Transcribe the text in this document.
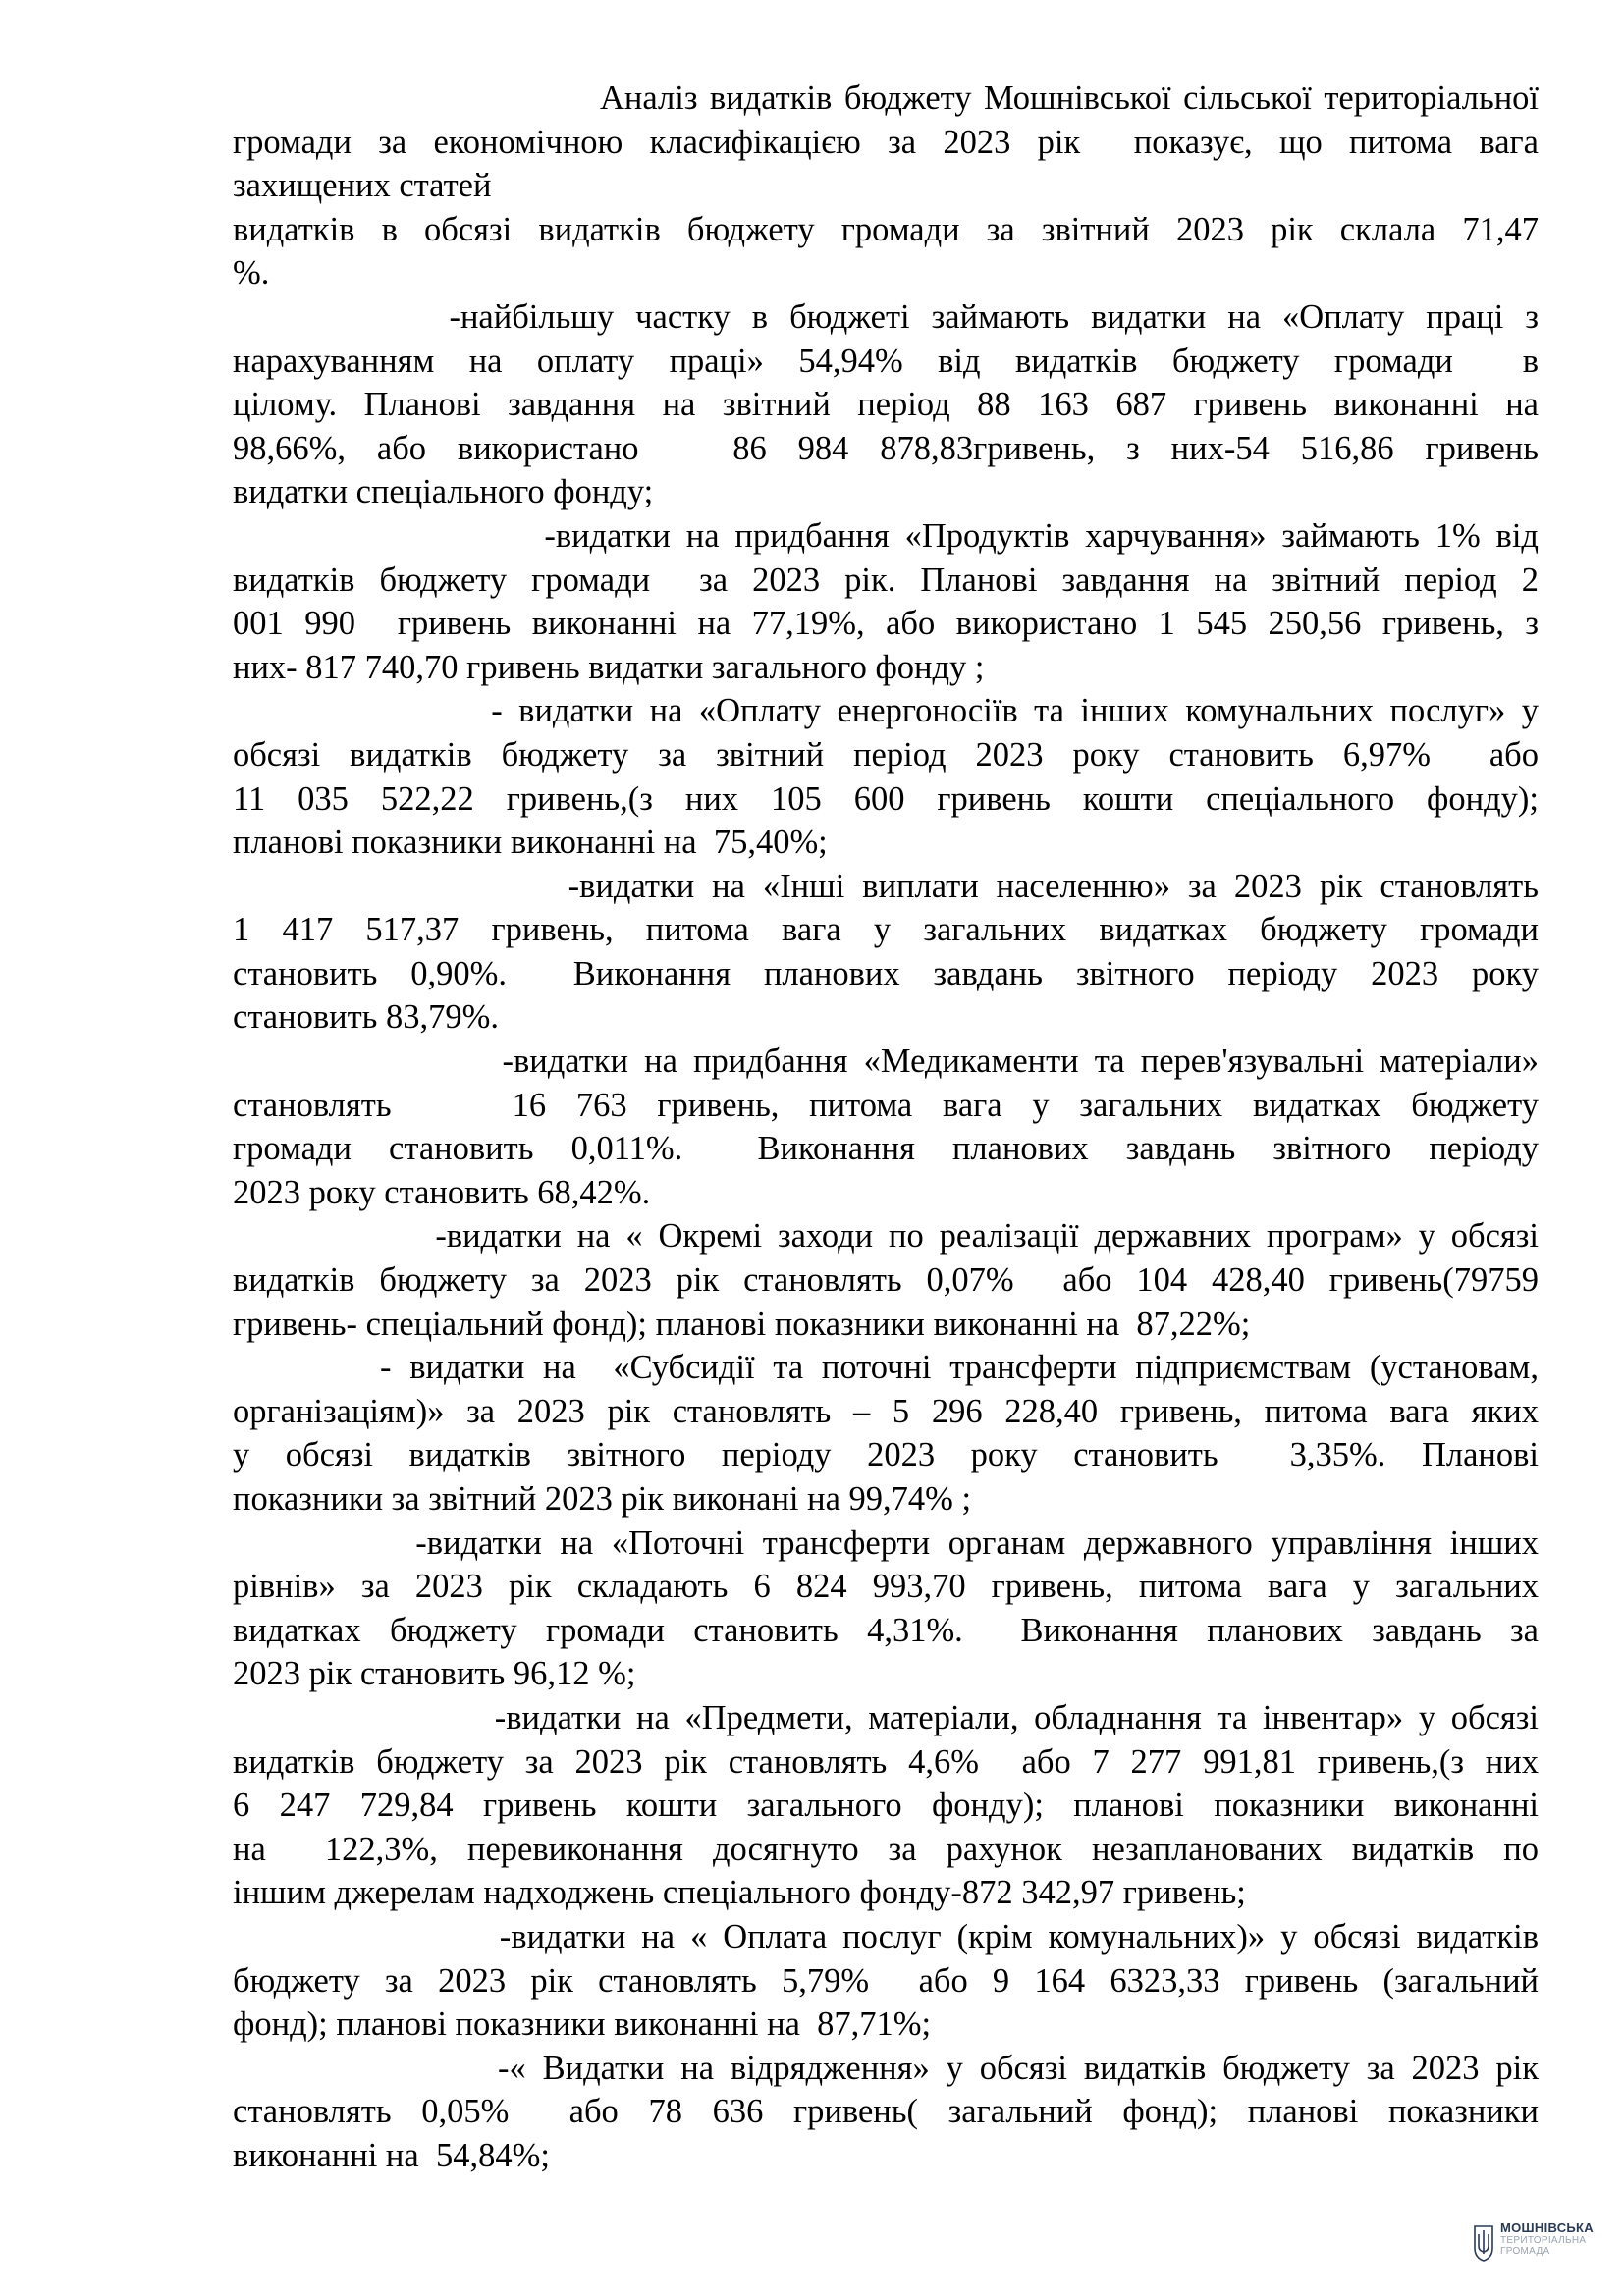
Аналіз видатків бюджету Мошнівської сільської територіальної
громади за економічною класифікацією за 2023 рік  показує, що питома вага
захищених статей

видатків в обсязі видатків бюджету громади за звітний 2023 рік склала 71,47
%.

-найбільшу частку в бюджеті займають видатки на «Оплату праці з
нарахуванням на оплату праці» 54,94% від видатків бюджету громади  в
цілому. Планові завдання на звітний період 88 163 687 гривень виконанні на
98,66%, або використано   86 984 878,83гривень, з них-54 516,86 гривень
видатки спеціального фонду;

-видатки на придбання «Продуктів харчування» займають 1% від
видатків бюджету громади  за 2023 рік. Планові завдання на звітний період 2
001 990  гривень виконанні на 77,19%, або використано 1 545 250,56 гривень, з
них- 817 740,70 гривень видатки загального фонду ;

- видатки на «Оплату енергоносіїв та інших комунальних послуг» у
обсязі видатків бюджету за звітний період 2023 року становить 6,97%  або
11 035 522,22 гривень,(з них 105 600 гривень кошти спеціального фонду);
планові показники виконанні на  75,40%;

-видатки на «Інші виплати населенню» за 2023 рік становлять
1 417 517,37 гривень, питома вага у загальних видатках бюджету громади
становить 0,90%.  Виконання планових завдань звітного періоду 2023 року
становить 83,79%.

-видатки на придбання «Медикаменти та перев'язувальні матеріали»
становлять    16 763 гривень, питома вага у загальних видатках бюджету
громади становить 0,011%.  Виконання планових завдань звітного періоду
2023 року становить 68,42%.

-видатки на « Окремі заходи по реалізації державних програм» у обсязі
видатків бюджету за 2023 рік становлять 0,07%  або 104 428,40 гривень(79759
гривень- спеціальний фонд); планові показники виконанні на  87,22%;

- видатки на  «Субсидії та поточні трансферти підприємствам (установам,
організаціям)» за 2023 рік становлять – 5 296 228,40 гривень, питома вага яких
у обсязі видатків звітного періоду 2023 року становить  3,35%. Планові
показники за звітний 2023 рік виконані на 99,74% ;

-видатки на «Поточні трансферти органам державного управління інших
рівнів» за 2023 рік складають 6 824 993,70 гривень, питома вага у загальних
видатках бюджету громади становить 4,31%.  Виконання планових завдань за
2023 рік становить 96,12 %;

-видатки на «Предмети, матеріали, обладнання та інвентар» у обсязі
видатків бюджету за 2023 рік становлять 4,6%  або 7 277 991,81 гривень,(з них
6 247 729,84 гривень кошти загального фонду); планові показники виконанні
на  122,3%, перевиконання досягнуто за рахунок незапланованих видатків по
іншим джерелам надходжень спеціального фонду-872 342,97 гривень;

-видатки на « Оплата послуг (крім комунальних)» у обсязі видатків
бюджету за 2023 рік становлять 5,79%  або 9 164 6323,33 гривень (загальний
фонд); планові показники виконанні на  87,71%;

-« Видатки на відрядження» у обсязі видатків бюджету за 2023 рік
становлять 0,05%  або 78 636 гривень( загальний фонд); планові показники
виконанні на  54,84%;

МОШНІВСЬКА
ТЕРИТОРІАЛЬНА
ГРОМАДА
